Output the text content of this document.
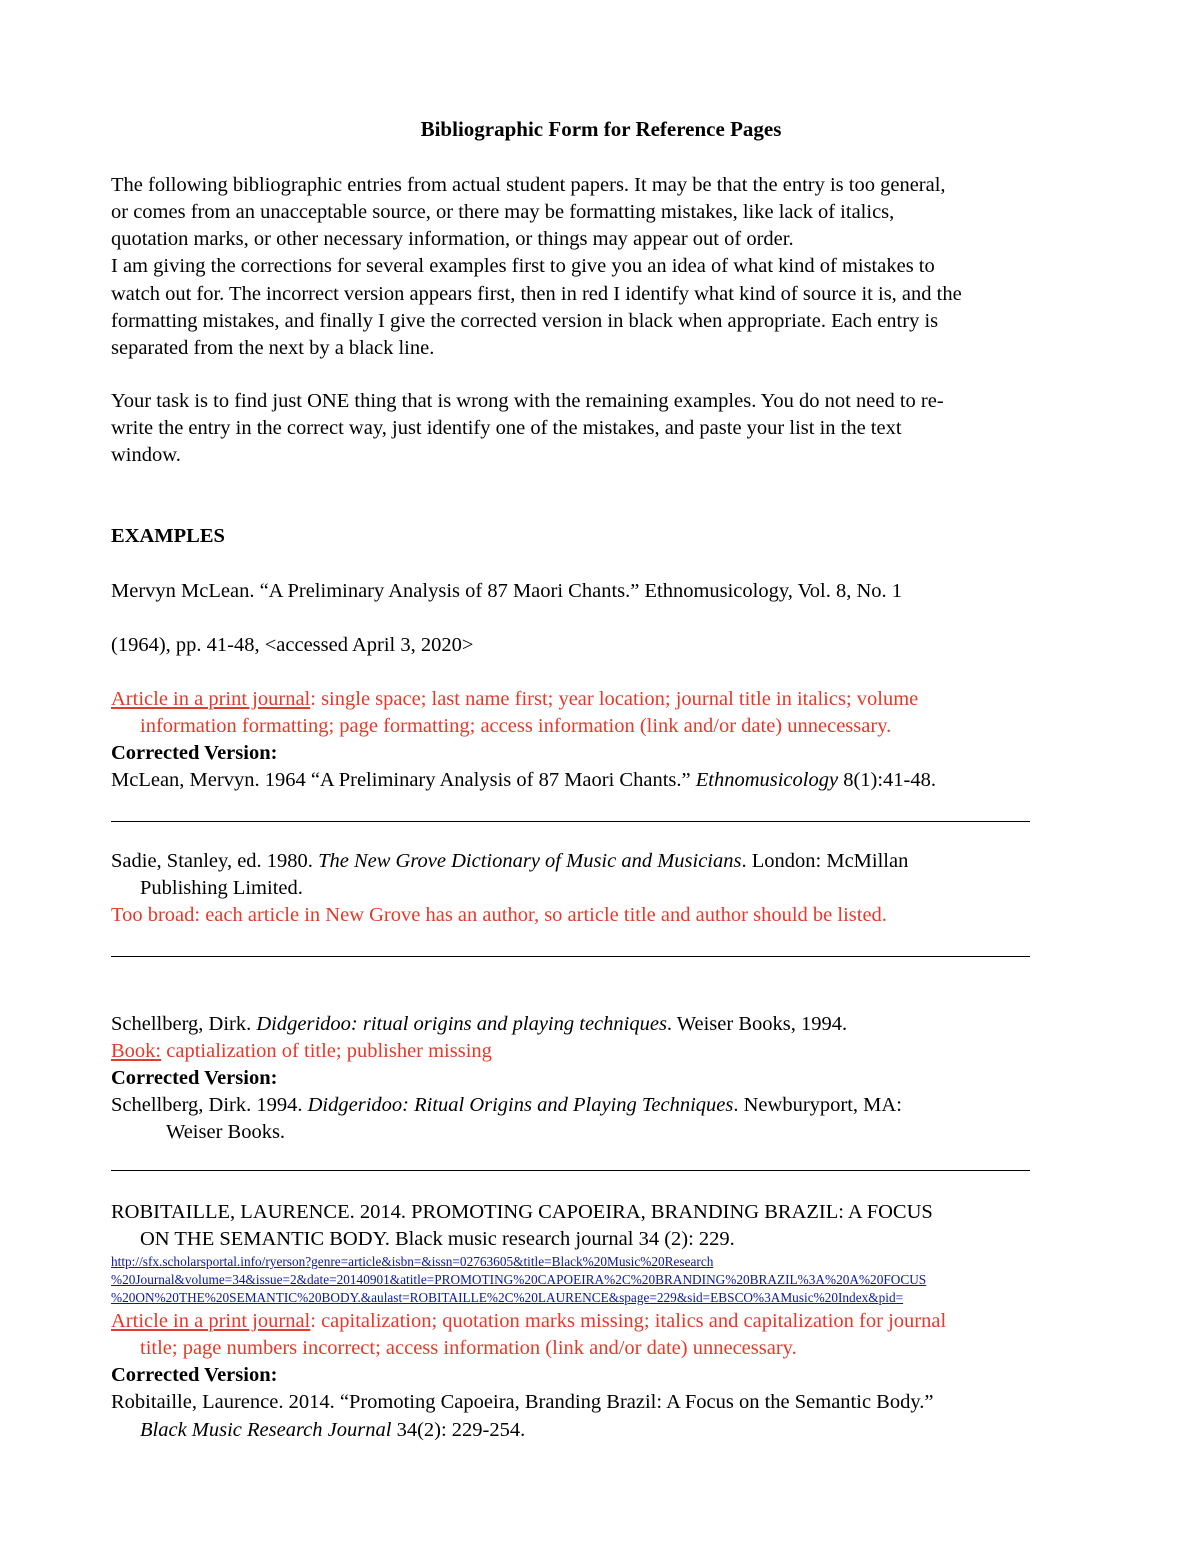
Bibliographic Form for Reference Pages
The following bibliographic entries from actual student papers. It may be that the entry is too general,
or comes from an unacceptable source, or there may be formatting mistakes, like lack of italics,
quotation marks, or other necessary information, or things may appear out of order.
I am giving the corrections for several examples first to give you an idea of what kind of mistakes to
watch out for. The incorrect version appears first, then in red I identify what kind of source it is, and the
formatting mistakes, and finally I give the corrected version in black when appropriate. Each entry is
separated from the next by a black line.
Your task is to find just ONE thing that is wrong with the remaining examples. You do not need to re-
write the entry in the correct way, just identify one of the mistakes, and paste your list in the text
window.
EXAMPLES
Mervyn McLean. “A Preliminary Analysis of 87 Maori Chants.” Ethnomusicology, Vol. 8, No. 1
(1964), pp. 41-48, <accessed April 3, 2020>
Article in a print journal: single space; last name first; year location; journal title in italics; volume
information formatting; page formatting; access information (link and/or date) unnecessary.
Corrected Version:
McLean, Mervyn. 1964 “A Preliminary Analysis of 87 Maori Chants.” Ethnomusicology 8(1):41-48.
Sadie, Stanley, ed. 1980. The New Grove Dictionary of Music and Musicians. London: McMillan
Publishing Limited.
Too broad: each article in New Grove has an author, so article title and author should be listed.
Schellberg, Dirk. Didgeridoo: ritual origins and playing techniques. Weiser Books, 1994.
Book: captialization of title; publisher missing
Corrected Version:
Schellberg, Dirk. 1994. Didgeridoo: Ritual Origins and Playing Techniques. Newburyport, MA:
Weiser Books.
ROBITAILLE, LAURENCE. 2014. PROMOTING CAPOEIRA, BRANDING BRAZIL: A FOCUS
ON THE SEMANTIC BODY. Black music research journal 34 (2): 229.
http://sfx.scholarsportal.info/ryerson?genre=article&isbn=&issn=02763605&title=Black%20Music%20Research
%20Journal&volume=34&issue=2&date=20140901&atitle=PROMOTING%20CAPOEIRA%2C%20BRANDING%20BRAZIL%3A%20A%20FOCUS
%20ON%20THE%20SEMANTIC%20BODY.&aulast=ROBITAILLE%2C%20LAURENCE&spage=229&sid=EBSCO%3AMusic%20Index&pid=
Article in a print journal: capitalization; quotation marks missing; italics and capitalization for journal
title; page numbers incorrect; access information (link and/or date) unnecessary.
Corrected Version:
Robitaille, Laurence. 2014. “Promoting Capoeira, Branding Brazil: A Focus on the Semantic Body.”
Black Music Research Journal 34(2): 229-254.
